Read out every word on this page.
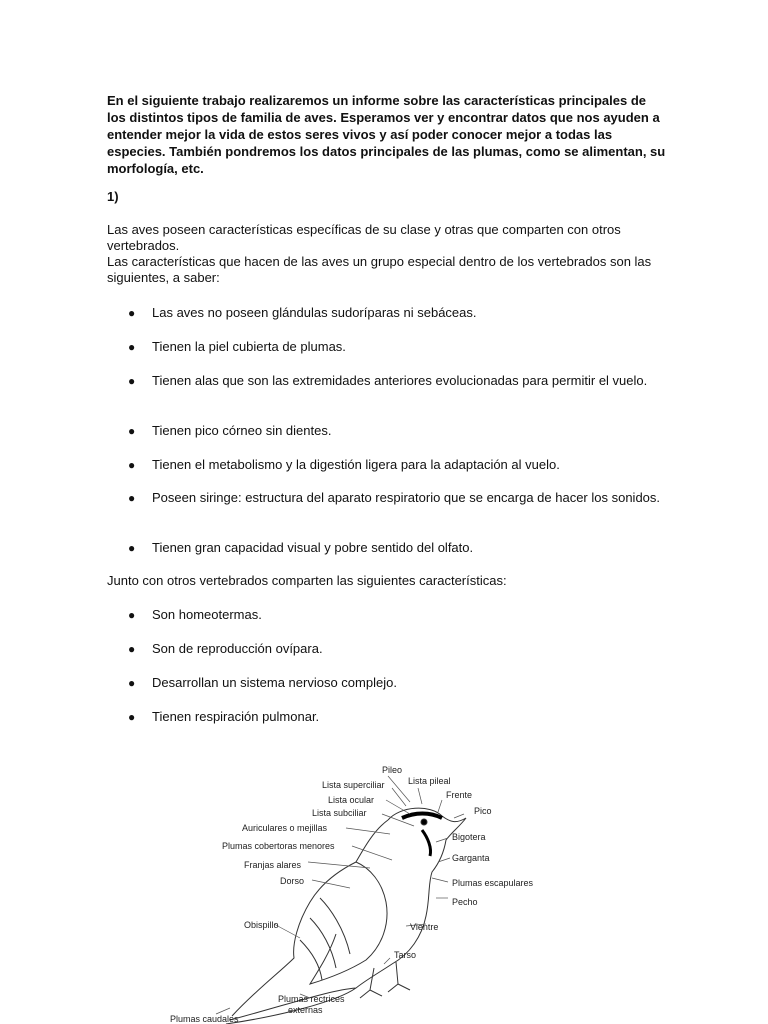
En el siguiente trabajo realizaremos un informe sobre las características principales de los distintos tipos de familia de aves. Esperamos ver y encontrar datos que nos ayuden a entender mejor la vida de estos seres vivos y así poder conocer mejor a todas las especies. También pondremos los datos principales de las plumas, como se alimentan, su morfología, etc.

1)

Las aves poseen características específicas de su clase y otras que comparten con otros vertebrados.

Las características que hacen de las aves un grupo especial dentro de los vertebrados son las siguientes, a saber:

●	Las aves no poseen glándulas sudoríparas ni sebáceas.
●	Tienen la piel cubierta de plumas.
●	Tienen alas que son las extremidades anteriores evolucionadas para permitir el vuelo.
●	Tienen pico córneo sin dientes.
●	Tienen el metabolismo y la digestión ligera para la adaptación al vuelo.
●	Poseen siringe: estructura del aparato respiratorio que se encarga de hacer los sonidos.
●	Tienen gran capacidad visual y pobre sentido del olfato.

Junto con otros vertebrados comparten las siguientes características:

●	Son homeotermas.
●	Son de reproducción ovípara.
●	Desarrollan un sistema nervioso complejo.
●	Tienen respiración pulmonar.
Pileo
Lista superciliar	Lista pileal
Lista ocular	Frente
Lista subciliar	Pico
Auriculares o mejillas
Bigotera
Plumas cobertoras menores
Garganta
Franjas alares
Dorso	Plumas escapulares
Pecho
Obispillo	Vientre
Tarso
Plumas rectrices
externas
Plumas caudales
